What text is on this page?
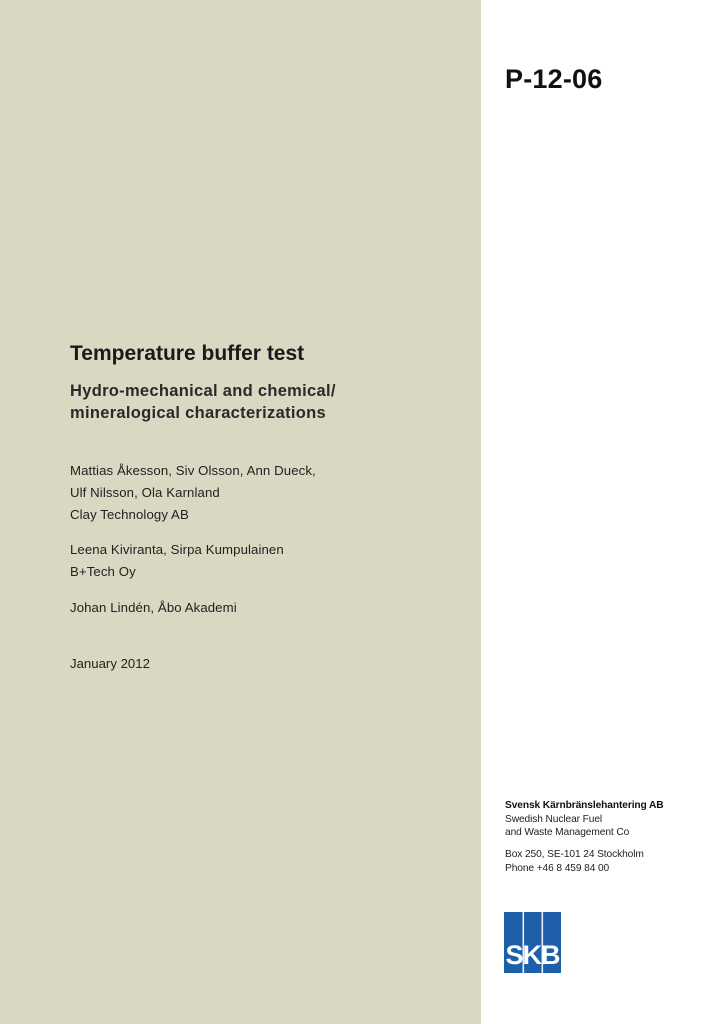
P-12-06
Temperature buffer test
Hydro-mechanical and chemical/
mineralogical characterizations
Mattias Åkesson, Siv Olsson, Ann Dueck,
Ulf Nilsson, Ola Karnland
Clay Technology AB
Leena Kiviranta, Sirpa Kumpulainen
B+Tech Oy
Johan Lindén, Åbo Akademi
January 2012
Svensk Kärnbränslehantering AB
Swedish Nuclear Fuel
and Waste Management Co
Box 250, SE-101 24 Stockholm
Phone +46 8 459 84 00
SKB
